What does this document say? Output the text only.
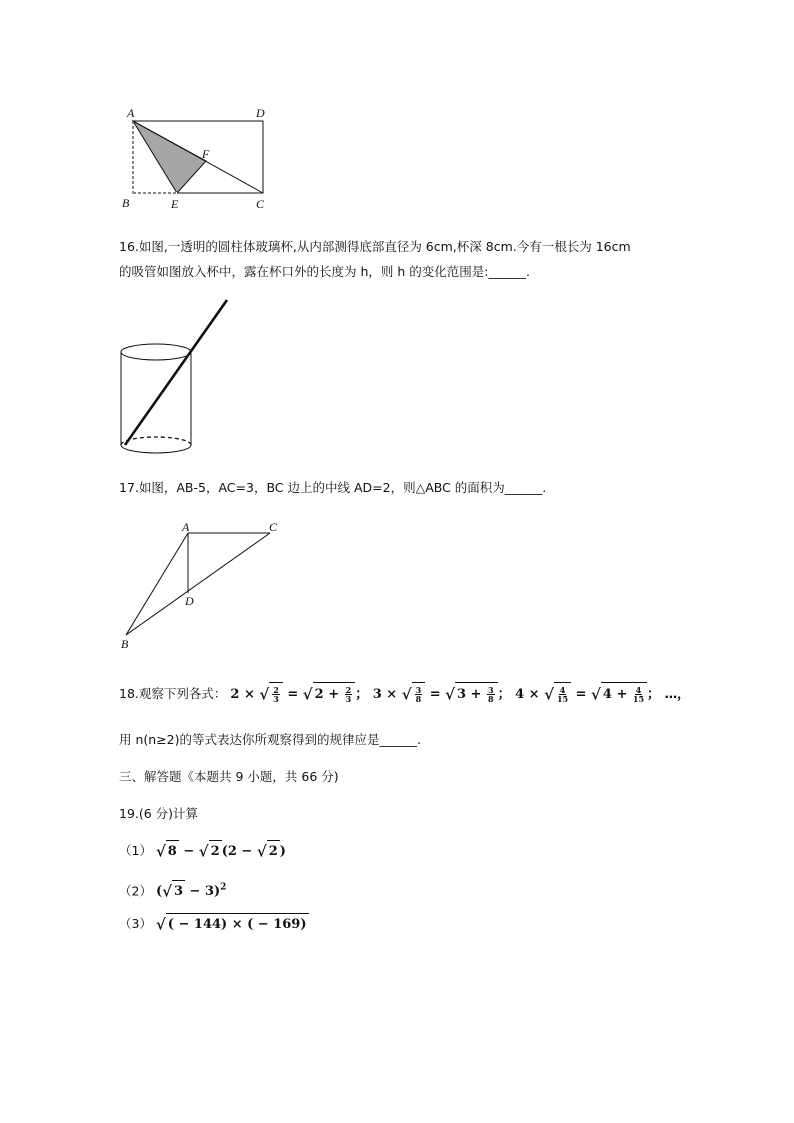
A	D
F
B	E	C
16.如图,一透明的圆柱体玻璃杯,从内部测得底部直径为 6cm,杯深 8cm.今有一根长为 16cm
的吸管如图放入杯中，露在杯口外的长度为 h，则 h 的变化范围是:______.
17.如图，AB-5，AC=3，BC 边上的中线 AD=2，则△ABC 的面积为______.
A	C
D
B
18.观察下列各式： 2 × √ $\frac{2}{3}$ = √ $2 + \frac{2}{3}$ ； 3 × √ $\frac{3}{8}$ = √ $3 + \frac{3}{8}$ ； 4 × √ $\frac{4}{15}$ = √ $4 + \frac{4}{15}$ ； …，
用 n(n≥2)的等式表达你所观察得到的规律应是______.
三、解答题《本题共 9 小题，共 66 分)
19.(6 分)计算
（1） √ 8 − √ 2 (2 − √ 2 )
（2） (√ 3 − 3)$^2$
（3） √ ( − 144) × ( − 169)
